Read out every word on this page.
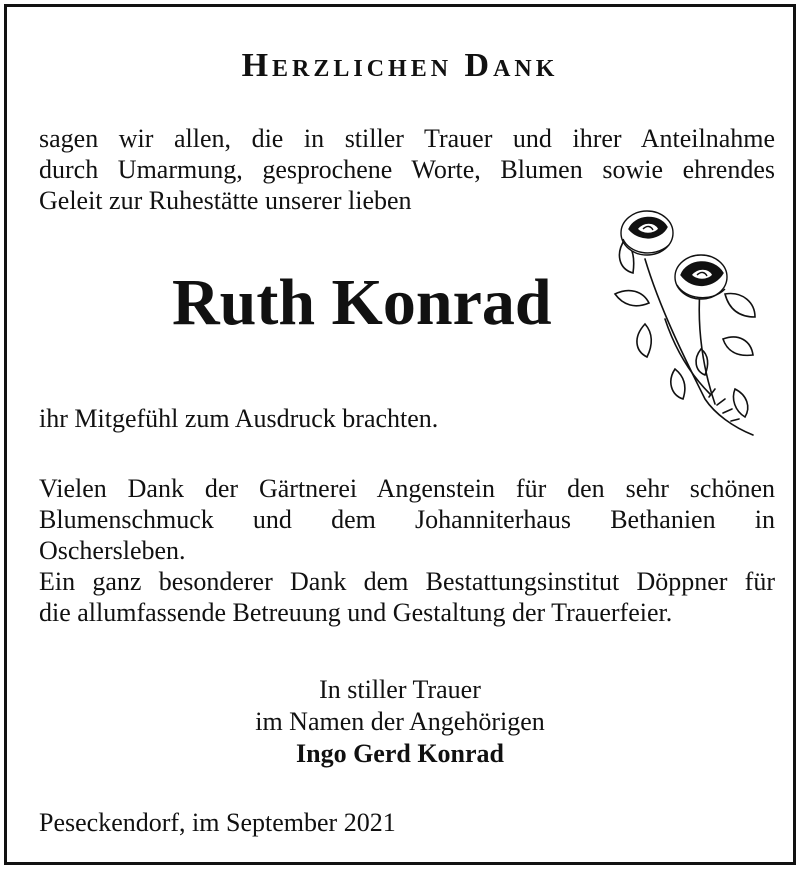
Herzlichen Dank
sagen wir allen, die in stiller Trauer und ihrer Anteilnahme
durch Umarmung, gesprochene Worte, Blumen sowie ehrendes
Geleit zur Ruhestätte unserer lieben
Ruth Konrad
ihr Mitgefühl zum Ausdruck brachten.
Vielen Dank der Gärtnerei Angenstein für den sehr schönen
Blumenschmuck und dem Johanniterhaus Bethanien in
Oschersleben.
Ein ganz besonderer Dank dem Bestattungsinstitut Döppner für
die allumfassende Betreuung und Gestaltung der Trauerfeier.
In stiller Trauer
im Namen der Angehörigen
Ingo Gerd Konrad
Peseckendorf, im September 2021
